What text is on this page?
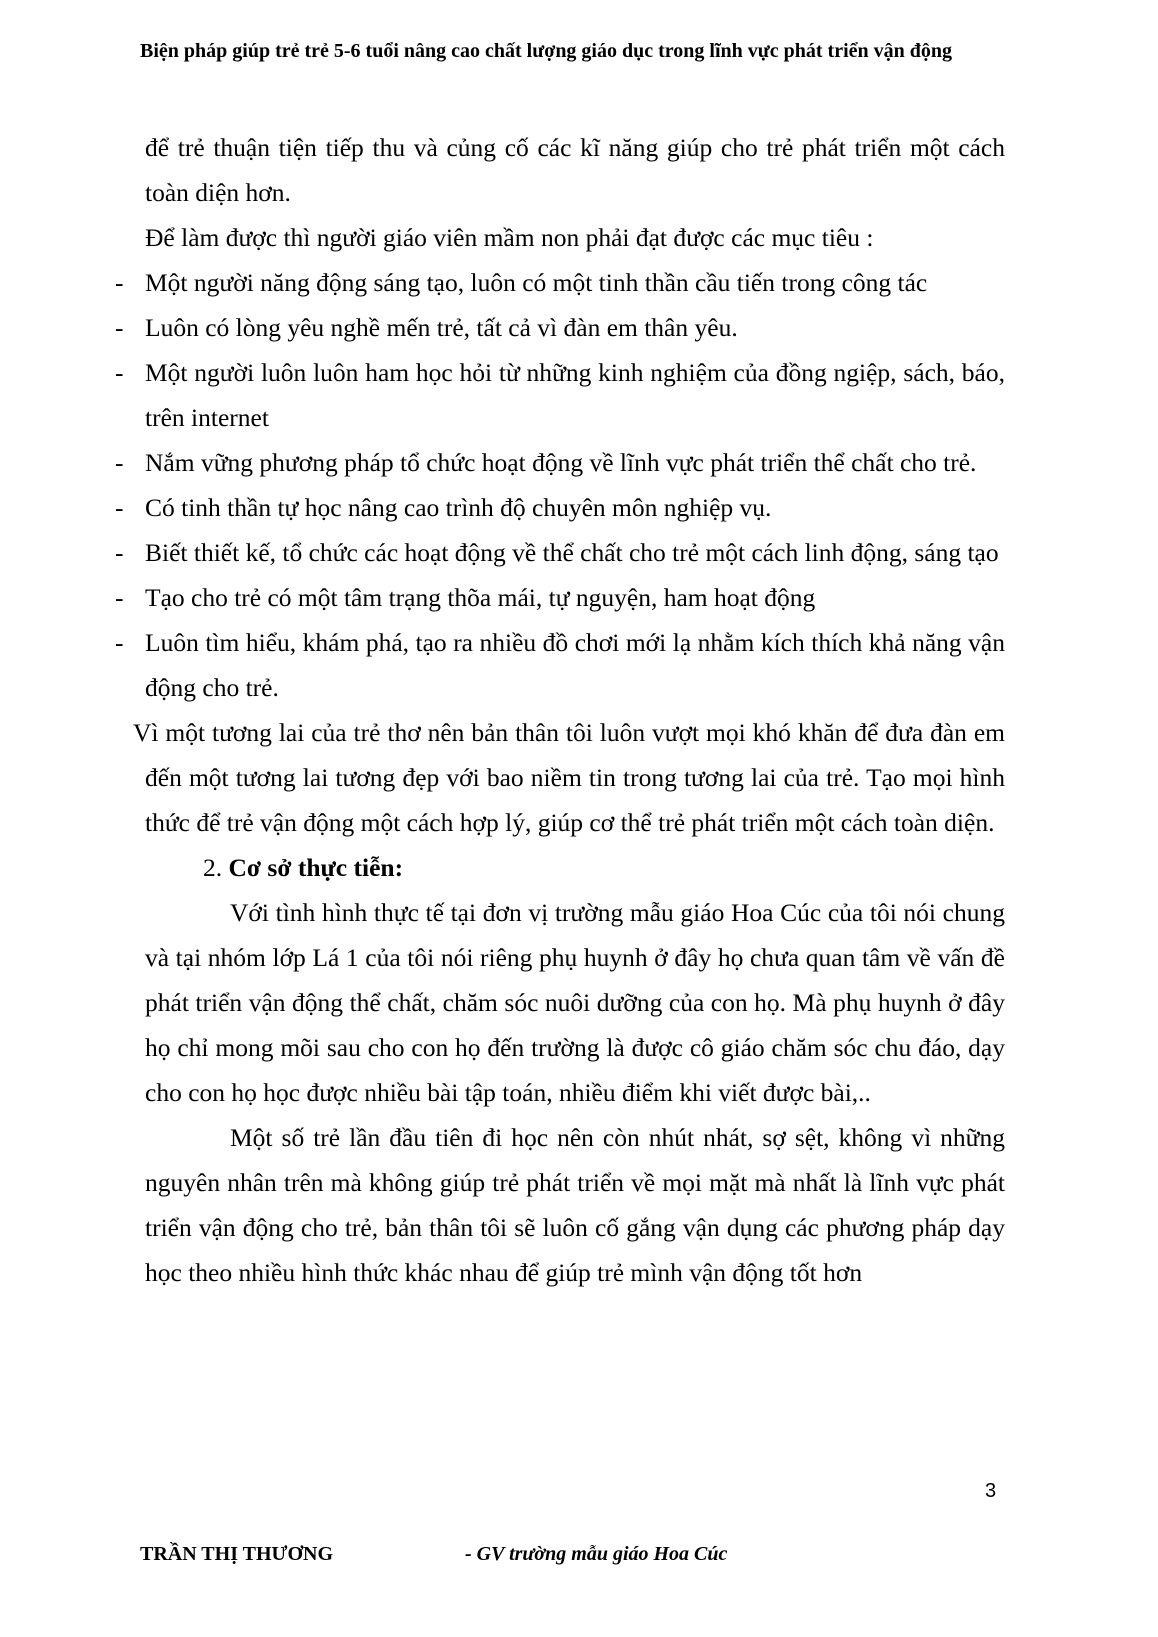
Biện pháp giúp trẻ trẻ 5-6 tuổi nâng cao chất lượng giáo dục trong lĩnh vực phát triển vận động

để trẻ thuận tiện tiếp thu và củng cố các kĩ năng giúp cho trẻ phát triển một cách toàn diện hơn.

Để làm được thì người giáo viên mầm non phải đạt được các mục tiêu :

- Một người năng động sáng tạo, luôn có một tinh thần cầu tiến trong công tác
- Luôn có lòng yêu nghề mến trẻ, tất cả vì đàn em thân yêu.
- Một người luôn luôn ham học hỏi từ những kinh nghiệm của đồng ngiệp, sách, báo, trên internet
- Nắm vững phương pháp tổ chức hoạt động về lĩnh vực phát triển thể chất cho trẻ.
- Có tinh thần tự học nâng cao trình độ chuyên môn nghiệp vụ.
- Biết thiết kế, tổ chức các hoạt động về thể chất cho trẻ một cách linh động, sáng tạo
- Tạo cho trẻ có một tâm trạng thõa mái, tự nguyện, ham hoạt động
- Luôn tìm hiểu, khám phá, tạo ra nhiều đồ chơi mới lạ nhằm kích thích khả năng vận động cho trẻ.

Vì một tương lai của trẻ thơ nên bản thân tôi luôn vượt mọi khó khăn để đưa đàn em đến một tương lai tương đẹp với bao niềm tin trong tương lai của trẻ. Tạo mọi hình thức để trẻ vận động một cách hợp lý, giúp cơ thể trẻ phát triển một cách toàn diện.

2. Cơ sở thực tiễn:

Với tình hình thực tế tại đơn vị trường mẫu giáo Hoa Cúc của tôi nói chung và tại nhóm lớp Lá 1 của tôi nói riêng phụ huynh ở đây họ chưa quan tâm về vấn đề phát triển vận động thể chất, chăm sóc nuôi dưỡng của con họ. Mà phụ huynh ở đây họ chỉ mong mõi sau cho con họ đến trường là được cô giáo chăm sóc chu đáo, dạy cho con họ học được nhiều bài tập toán, nhiều điểm khi viết được bài,..

Một số trẻ lần đầu tiên đi học nên còn nhút nhát, sợ sệt, không vì những nguyên nhân trên mà không giúp trẻ phát triển về mọi mặt mà nhất là lĩnh vực phát triển vận động cho trẻ, bản thân tôi sẽ luôn cố gắng vận dụng các phương pháp dạy học theo nhiều hình thức khác nhau để giúp trẻ mình vận động tốt hơn

3
TRẦN THỊ THƯƠNG	- GV trường mẫu giáo Hoa Cúc
